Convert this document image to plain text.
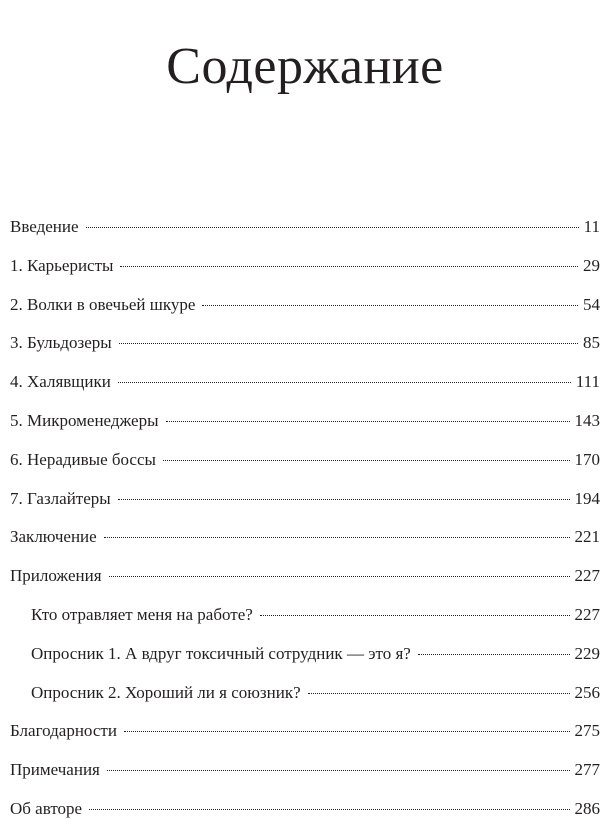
Содержание
Введение	11
1. Карьеристы	29
2. Волки в овечьей шкуре	54
3. Бульдозеры	85
4. Халявщики	111
5. Микроменеджеры	143
6. Нерадивые боссы	170
7. Газлайтеры	194
Заключение	221
Приложения	227
Кто отравляет меня на работе?	227
Опросник 1. А вдруг токсичный сотрудник — это я?	229
Опросник 2. Хороший ли я союзник?	256
Благодарности	275
Примечания	277
Об авторе	286
